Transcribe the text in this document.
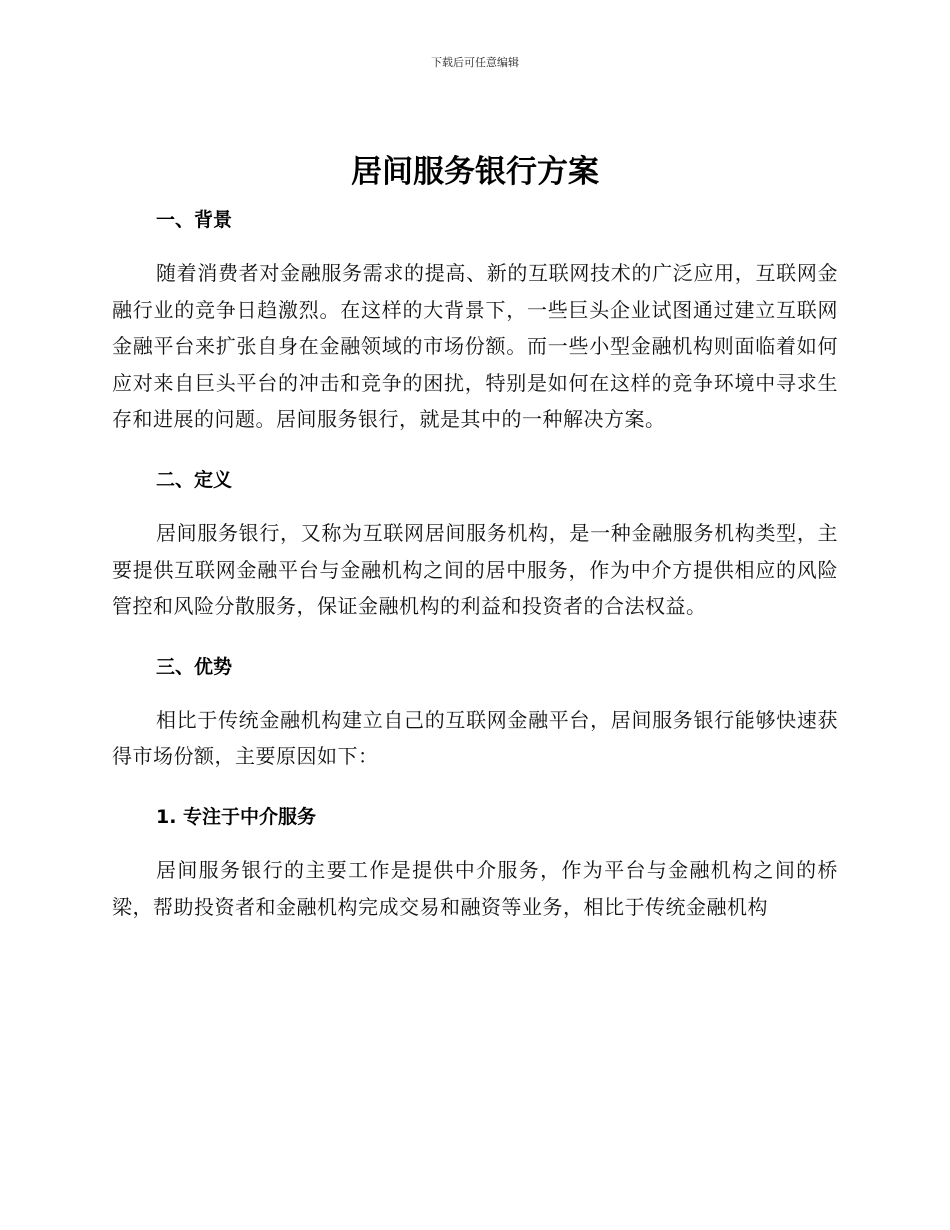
下载后可任意编辑
居间服务银行方案
一、背景

随着消费者对金融服务需求的提高、新的互联网技术的广泛应用，互联网金融行业的竞争日趋激烈。在这样的大背景下，一些巨头企业试图通过建立互联网金融平台来扩张自身在金融领域的市场份额。而一些小型金融机构则面临着如何应对来自巨头平台的冲击和竞争的困扰，特别是如何在这样的竞争环境中寻求生存和进展的问题。居间服务银行，就是其中的一种解决方案。

二、定义

居间服务银行，又称为互联网居间服务机构，是一种金融服务机构类型，主要提供互联网金融平台与金融机构之间的居中服务，作为中介方提供相应的风险管控和风险分散服务，保证金融机构的利益和投资者的合法权益。

三、优势

相比于传统金融机构建立自己的互联网金融平台，居间服务银行能够快速获得市场份额，主要原因如下：

1. 专注于中介服务

居间服务银行的主要工作是提供中介服务，作为平台与金融机构之间的桥梁，帮助投资者和金融机构完成交易和融资等业务，相比于传统金融机构
